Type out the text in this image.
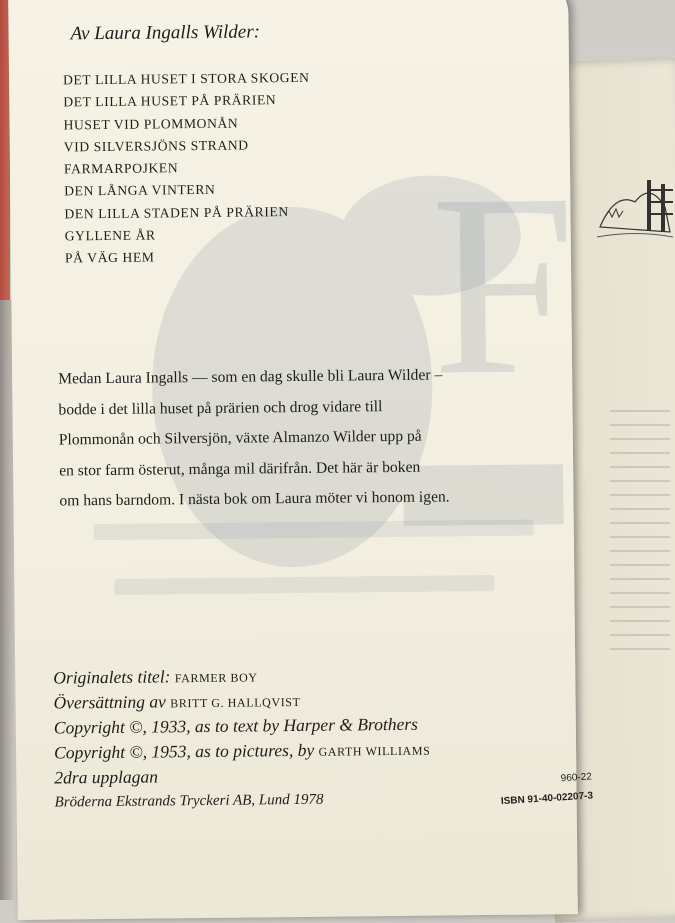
F
Av Laura Ingalls Wilder:
DET LILLA HUSET I STORA SKOGEN
DET LILLA HUSET PÅ PRÄRIEN
HUSET VID PLOMMONÅN
VID SILVERSJÖNS STRAND
FARMARPOJKEN
DEN LÅNGA VINTERN
DEN LILLA STADEN PÅ PRÄRIEN
GYLLENE ÅR
PÅ VÄG HEM
Medan Laura Ingalls — som en dag skulle bli Laura Wilder –
bodde i det lilla huset på prärien och drog vidare till
Plommonån och Silversjön, växte Almanzo Wilder upp på
en stor farm österut, många mil därifrån. Det här är boken
om hans barndom. I nästa bok om Laura möter vi honom igen.
Originalets titel: FARMER BOY
Översättning av BRITT G. HALLQVIST
Copyright ©, 1933, as to text by Harper & Brothers
Copyright ©, 1953, as to pictures, by GARTH WILLIAMS
2dra upplagan
Bröderna Ekstrands Tryckeri AB, Lund 1978
960-22
ISBN 91-40-02207-3
